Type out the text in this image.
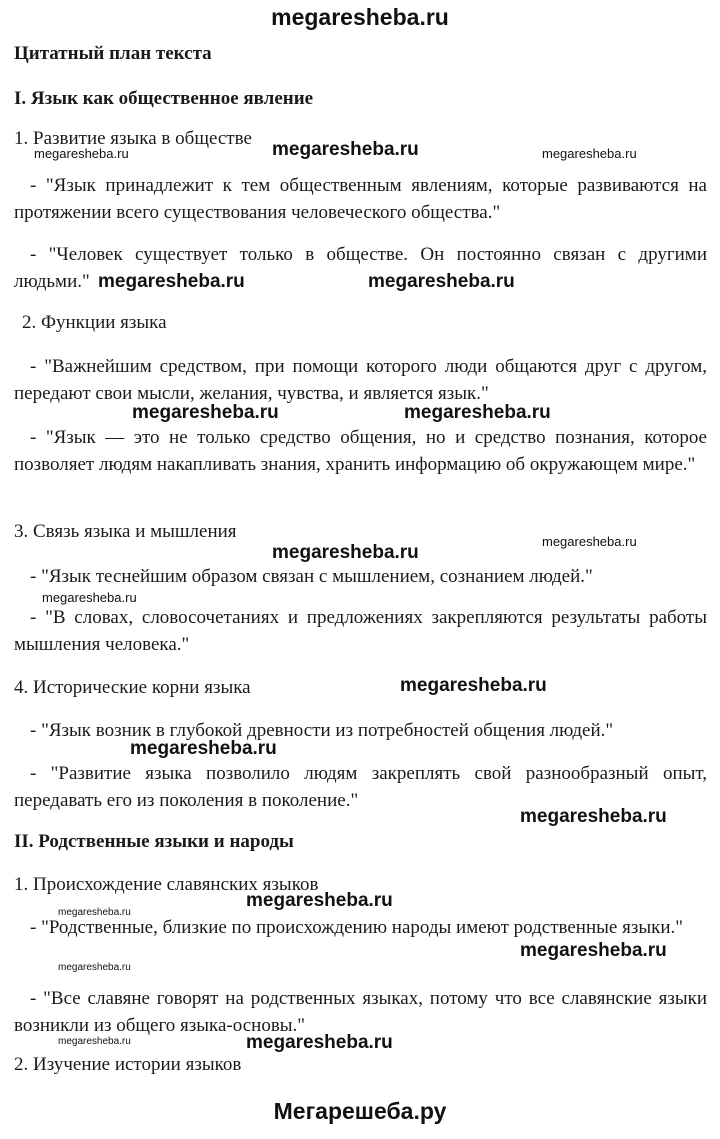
megaresheba.ru
Цитатный план текста
I. Язык как общественное явление
1. Развитие языка в обществе
- "Язык принадлежит к тем общественным явлениям, которые развиваются на протяжении всего существования человеческого общества."
- "Человек существует только в обществе. Он постоянно связан с другими людьми."
2. Функции языка
- "Важнейшим средством, при помощи которого люди общаются друг с другом, передают свои мысли, желания, чувства, и является язык."
- "Язык — это не только средство общения, но и средство познания, которое позволяет людям накапливать знания, хранить информацию об окружающем мире."
3. Связь языка и мышления
- "Язык теснейшим образом связан с мышлением, сознанием людей."
- "В словах, словосочетаниях и предложениях закрепляются результаты работы мышления человека."
4. Исторические корни языка
- "Язык возник в глубокой древности из потребностей общения людей."
- "Развитие языка позволило людям закреплять свой разнообразный опыт, передавать его из поколения в поколение."
II. Родственные языки и народы
1. Происхождение славянских языков
- "Родственные, близкие по происхождению народы имеют родственные языки."
- "Все славяне говорят на родственных языках, потому что все славянские языки возникли из общего языка-основы."
2. Изучение истории языков
megaresheba.ru	megaresheba.ru	megaresheba.ru
megaresheba.ru	megaresheba.ru
megaresheba.ru	megaresheba.ru
megaresheba.ru
megaresheba.ru
megaresheba.ru
megaresheba.ru
megaresheba.ru
megaresheba.ru
megaresheba.ru
megaresheba.ru
megaresheba.ru
megaresheba.ru
megaresheba.ru	megaresheba.ru
Мегарешеба.ру
